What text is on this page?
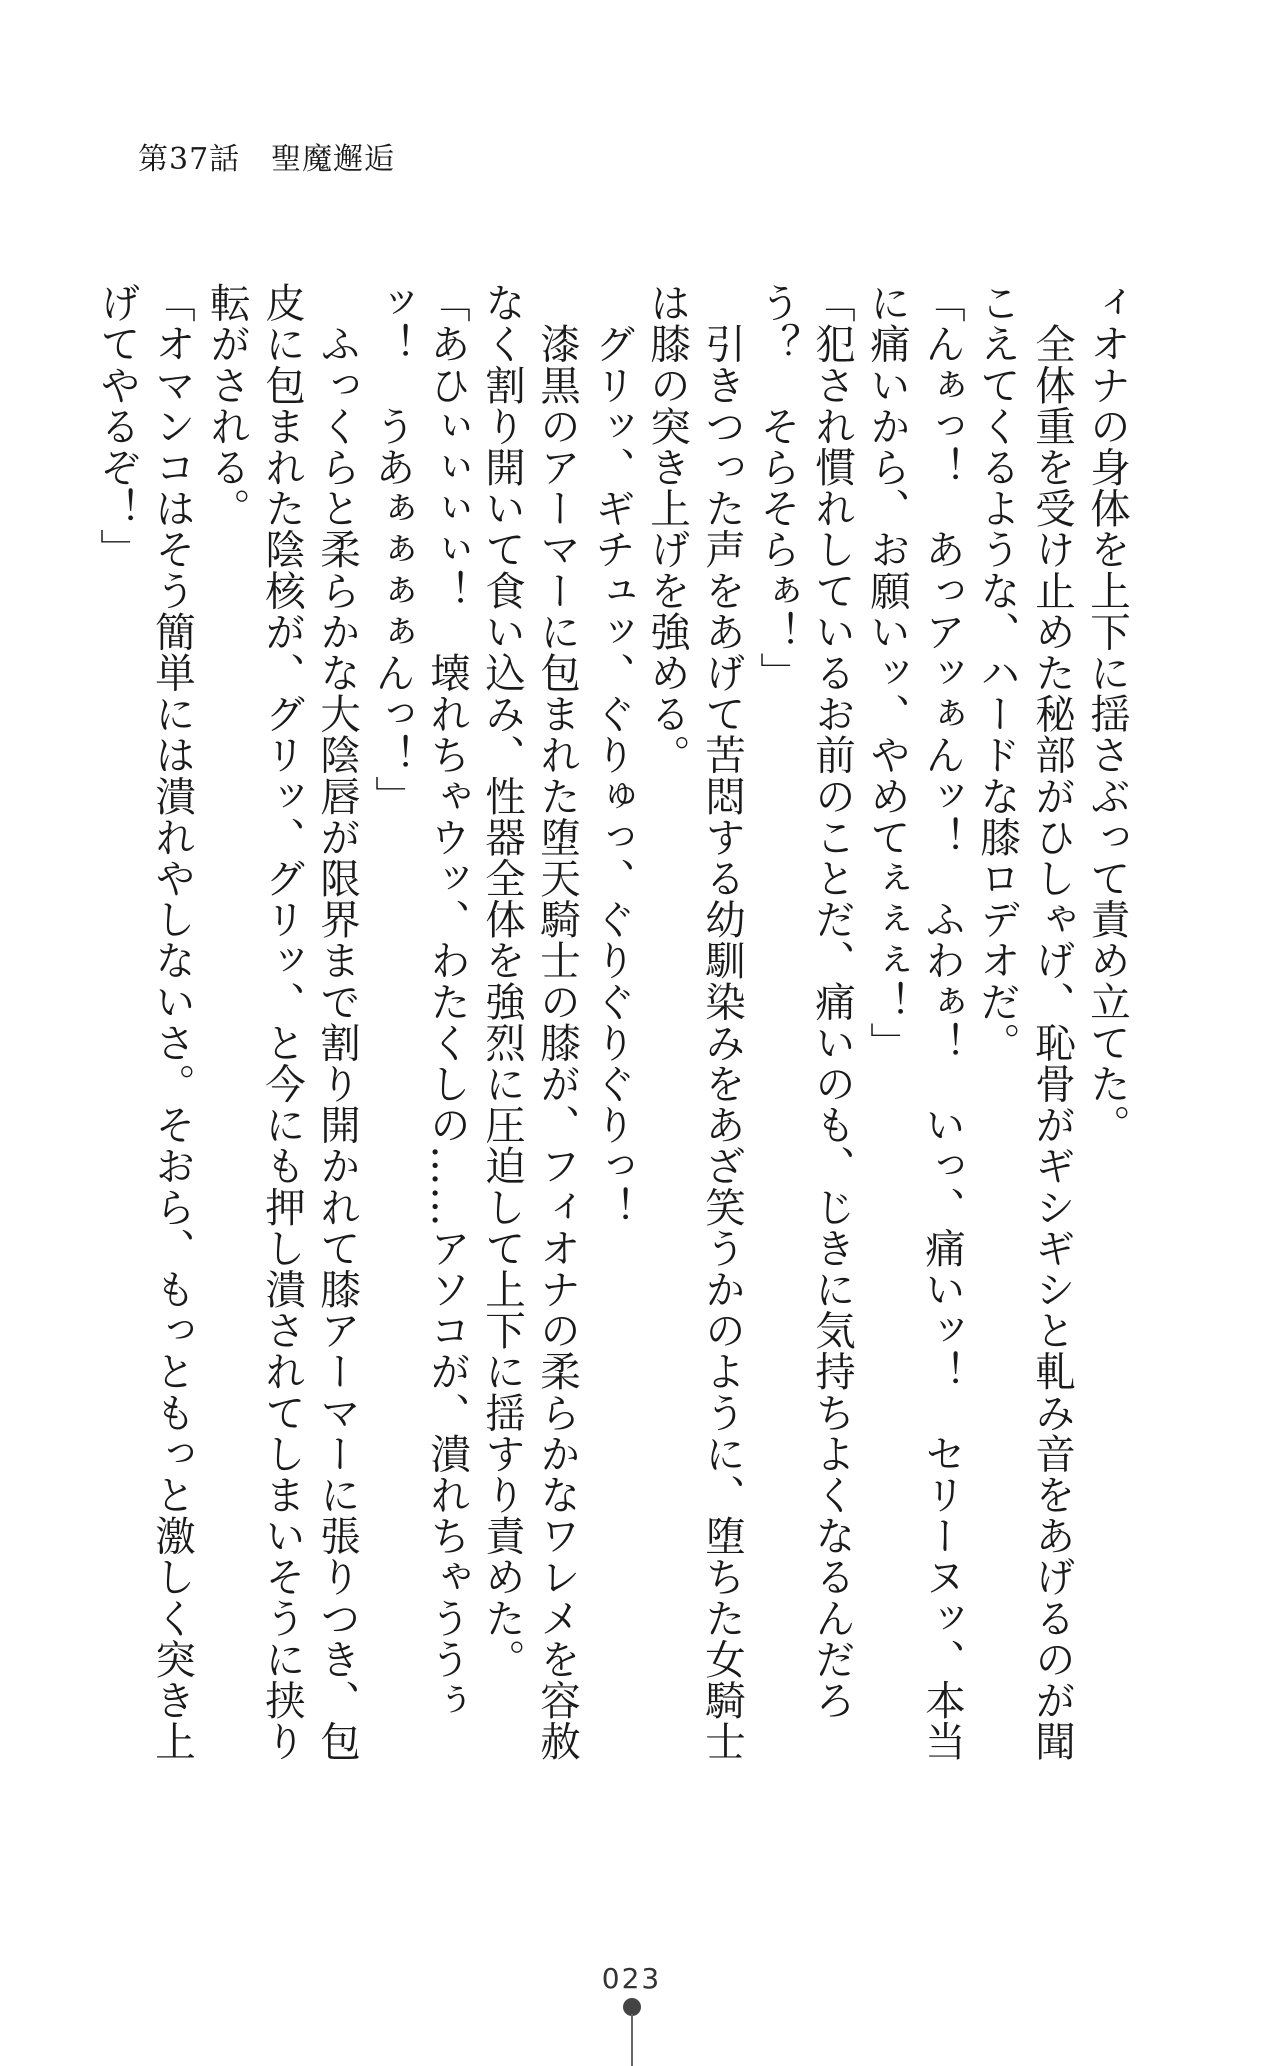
第37話　聖魔邂逅

ィオナの身体を上下に揺さぶって責め立てた。

　全体重を受け止めた秘部がひしゃげ、恥骨がギシギシと軋み音をあげるのが聞こえてくるような、ハードな膝ロデオだ。

「んぁっ！　あっアッぁんッ！　ふわぁ！　いっ、痛いッ！　セリーヌッ、本当に痛いから、お願いッ、やめてぇぇぇ！」

「犯され慣れしているお前のことだ、痛いのも、じきに気持ちよくなるんだろう？　そらそらぁ！」

　引きつった声をあげて苦悶する幼馴染みをあざ笑うかのように、堕ちた女騎士は膝の突き上げを強める。

　グリッ、ギチュッ、ぐりゅっ、ぐりぐりぐりっ！

　漆黒のアーマーに包まれた堕天騎士の膝が、フィオナの柔らかなワレメを容赦なく割り開いて食い込み、性器全体を強烈に圧迫して上下に揺すり責めた。

「あひぃぃぃぃ！　壊れちゃウッ、わたくしの……アソコが、潰れちゃううぅッ！　うあぁぁぁぁんっ！」

　ふっくらと柔らかな大陰唇が限界まで割り開かれて膝アーマーに張りつき、包皮に包まれた陰核が、グリッ、グリッ、と今にも押し潰されてしまいそうに挟り転がされる。

「オマンコはそう簡単には潰れやしないさ。そおら、もっともっと激しく突き上げてやるぞ！」

023
